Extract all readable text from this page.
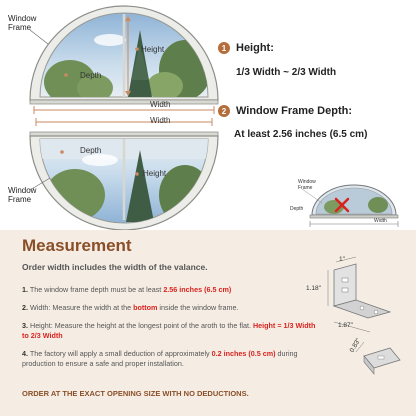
Window
Frame
Height
Depth
Width
Width
Depth
Height
Window
Frame
1 Height:
1/3 Width ~ 2/3 Width
2 Window Frame Depth:
At least 2.56 inches (6.5 cm)
Window
Frame
Depth
Width
Measurement
Order width includes the width of the valance.
1. The window frame depth must be at least 2.56 inches (6.5 cm)
2. Width: Measure the width at the bottom inside the window frame.
3. Height: Measure the height at the longest point of the aroth to the flat. Height = 1/3 Width to 2/3 Width
4. The factory will apply a small deduction of approximately 0.2 inches (0.5 cm) during production to ensure a safe and proper installation.
ORDER AT THE EXACT OPENING SIZE WITH NO DEDUCTIONS.
1"
1.18"
1.87"
0.83"
